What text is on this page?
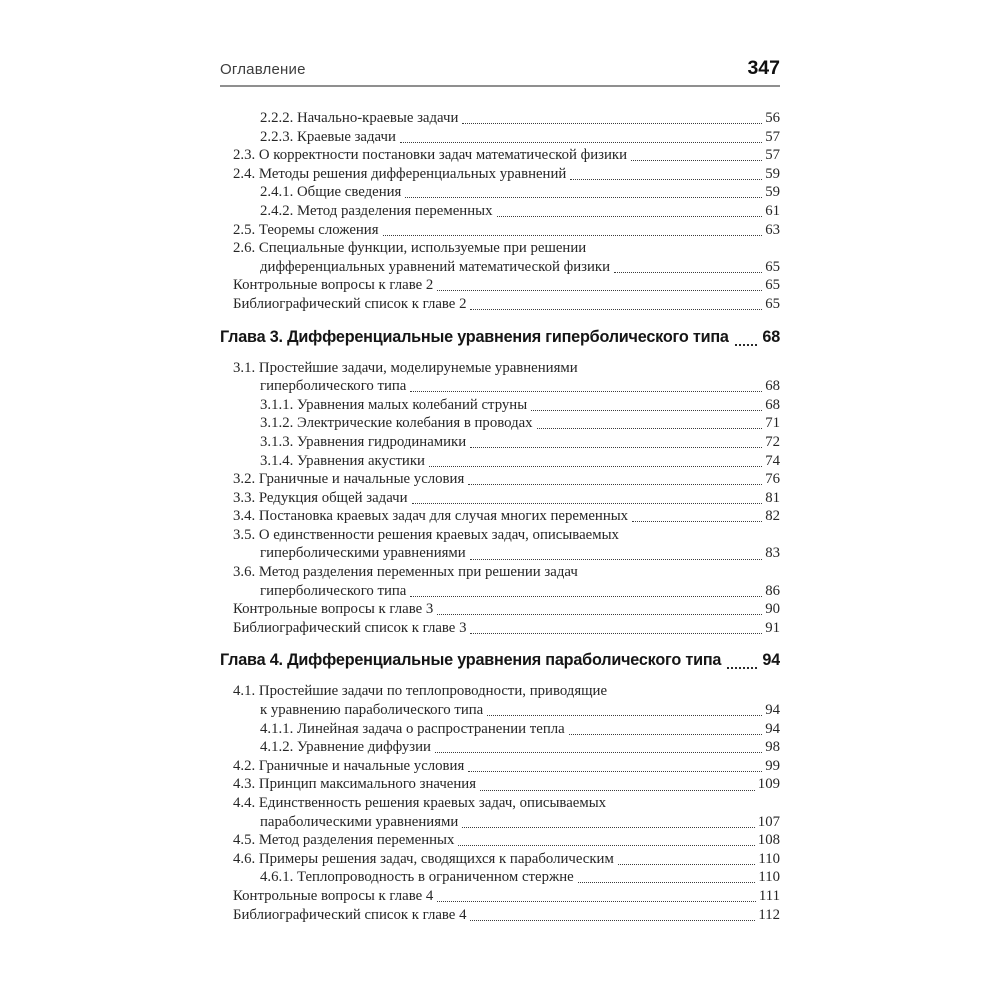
Оглавление	347
2.2.2. Начально-краевые задачи	56
2.2.3. Краевые задачи	57
2.3. О корректности постановки задач математической физики	57
2.4. Методы решения дифференциальных уравнений	59
2.4.1. Общие сведения	59
2.4.2. Метод разделения переменных	61
2.5. Теоремы сложения	63
2.6. Специальные функции, используемые при решении
дифференциальных уравнений математической физики	65
Контрольные вопросы к главе 2	65
Библиографический список к главе 2	65
Глава 3. Дифференциальные уравнения гиперболического типа 68
3.1. Простейшие задачи, моделирунемые уравнениями
гиперболического типа	68
3.1.1. Уравнения малых колебаний струны	68
3.1.2. Электрические колебания в проводах	71
3.1.3. Уравнения гидродинамики	72
3.1.4. Уравнения акустики	74
3.2. Граничные и начальные условия	76
3.3. Редукция общей задачи	81
3.4. Постановка краевых задач для случая многих переменных	82
3.5. О единственности решения краевых задач, описываемых
гиперболическими уравнениями	83
3.6. Метод разделения переменных при решении задач
гиперболического типа	86
Контрольные вопросы к главе 3	90
Библиографический список к главе 3	91
Глава 4. Дифференциальные уравнения параболического типа	94
4.1. Простейшие задачи по теплопроводности, приводящие
к уравнению параболического типа	94
4.1.1. Линейная задача о распространении тепла	94
4.1.2. Уравнение диффузии	98
4.2. Граничные и начальные условия	99
4.3. Принцип максимального значения	109
4.4. Единственность решения краевых задач, описываемых
параболическими уравнениями	107
4.5. Метод разделения переменных	108
4.6. Примеры решения задач, сводящихся к параболическим	110
4.6.1. Теплопроводность в ограниченном стержне	110
Контрольные вопросы к главе 4	111
Библиографический список к главе 4	112
